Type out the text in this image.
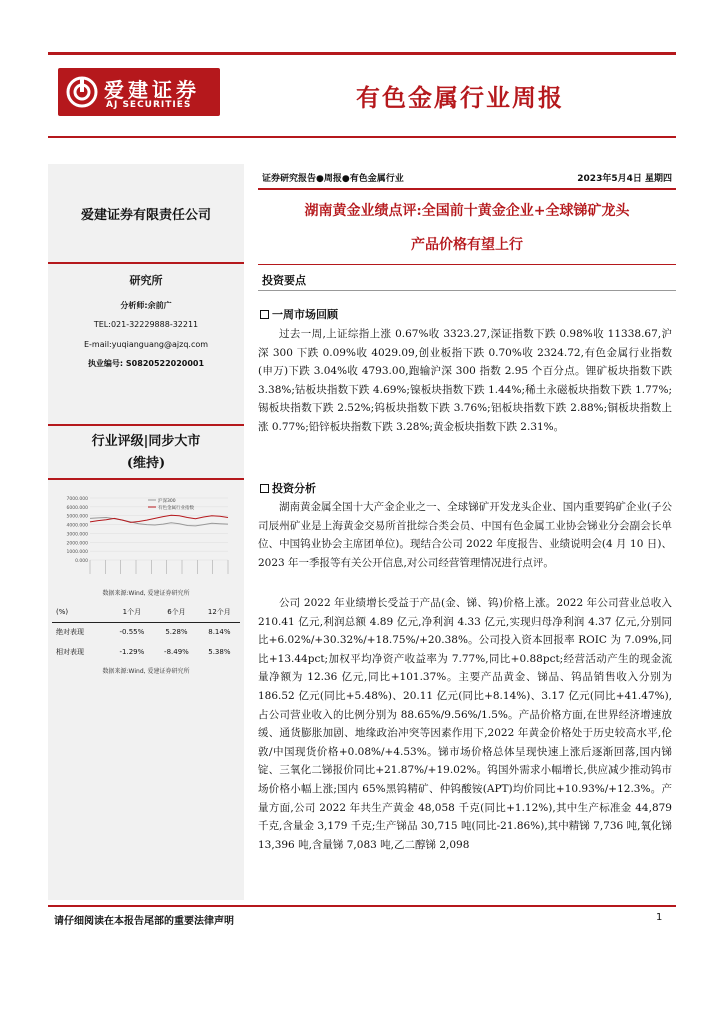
爱建证券
AJ SECURITIES	有色金属行业周报
爱建证券有限责任公司
研究所
分析师:余前广
TEL:021-32229888-32211
E-mail:yuqianguang@ajzq.com
执业编号: S0820522020001
行业评级|同步大市
(维持)
7000.000
6000.000
5000.000
4000.000
3000.000
2000.000
1000.000
0.000
沪深300
有色金属行业指数
数据来源:Wind, 爱建证券研究所
(%)	1个月	6个月	12个月
绝对表现	-0.55%	5.28%	8.14%
相对表现	-1.29%	-8.49%	5.38%
数据来源:Wind, 爱建证券研究所
证券研究报告●周报●有色金属行业	2023年5月4日 星期四
湖南黄金业绩点评:全国前十黄金企业+全球锑矿龙头
产品价格有望上行
投资要点
一周市场回顾
过去一周,上证综指上涨 0.67%收 3323.27,深证指数下跌 0.98%收 11338.67,沪深 300 下跌 0.09%收 4029.09,创业板指下跌 0.70%收 2324.72,有色金属行业指数(申万)下跌 3.04%收 4793.00,跑输沪深 300 指数 2.95 个百分点。锂矿板块指数下跌 3.38%;钴板块指数下跌 4.69%;镍板块指数下跌 1.44%;稀土永磁板块指数下跌 1.77%;锡板块指数下跌 2.52%;钨板块指数下跌 3.76%;铝板块指数下跌 2.88%;铜板块指数上涨 0.77%;铅锌板块指数下跌 3.28%;黄金板块指数下跌 2.31%。
投资分析
湖南黄金属全国十大产金企业之一、全球锑矿开发龙头企业、国内重要钨矿企业(子公司辰州矿业是上海黄金交易所首批综合类会员、中国有色金属工业协会锑业分会副会长单位、中国钨业协会主席团单位)。现结合公司 2022 年度报告、业绩说明会(4 月 10 日)、2023 年一季报等有关公开信息,对公司经营管理情况进行点评。
公司 2022 年业绩增长受益于产品(金、锑、钨)价格上涨。2022 年公司营业总收入 210.41 亿元,利润总额 4.89 亿元,净利润 4.33 亿元,实现归母净利润 4.37 亿元,分别同比+6.02%/+30.32%/+18.75%/+20.38%。公司投入资本回报率 ROIC 为 7.09%,同比+13.44pct;加权平均净资产收益率为 7.77%,同比+0.88pct;经营活动产生的现金流量净额为 12.36 亿元,同比+101.37%。主要产品黄金、锑品、钨品销售收入分别为 186.52 亿元(同比+5.48%)、20.11 亿元(同比+8.14%)、3.17 亿元(同比+41.47%),占公司营业收入的比例分别为 88.65%/9.56%/1.5%。产品价格方面,在世界经济增速放缓、通货膨胀加剧、地缘政治冲突等因素作用下,2022 年黄金价格处于历史较高水平,伦敦/中国现货价格+0.08%/+4.53%。锑市场价格总体呈现快速上涨后逐渐回落,国内锑锭、三氧化二锑报价同比+21.87%/+19.02%。钨国外需求小幅增长,供应减少推动钨市场价格小幅上涨;国内 65%黑钨精矿、仲钨酸铵(APT)均价同比+10.93%/+12.3%。产量方面,公司 2022 年共生产黄金 48,058 千克(同比+1.12%),其中生产标准金 44,879 千克,含量金 3,179 千克;生产锑品 30,715 吨(同比-21.86%),其中精锑 7,736 吨,氧化锑 13,396 吨,含量锑 7,083 吨,乙二醇锑 2,098
请仔细阅读在本报告尾部的重要法律声明	1
